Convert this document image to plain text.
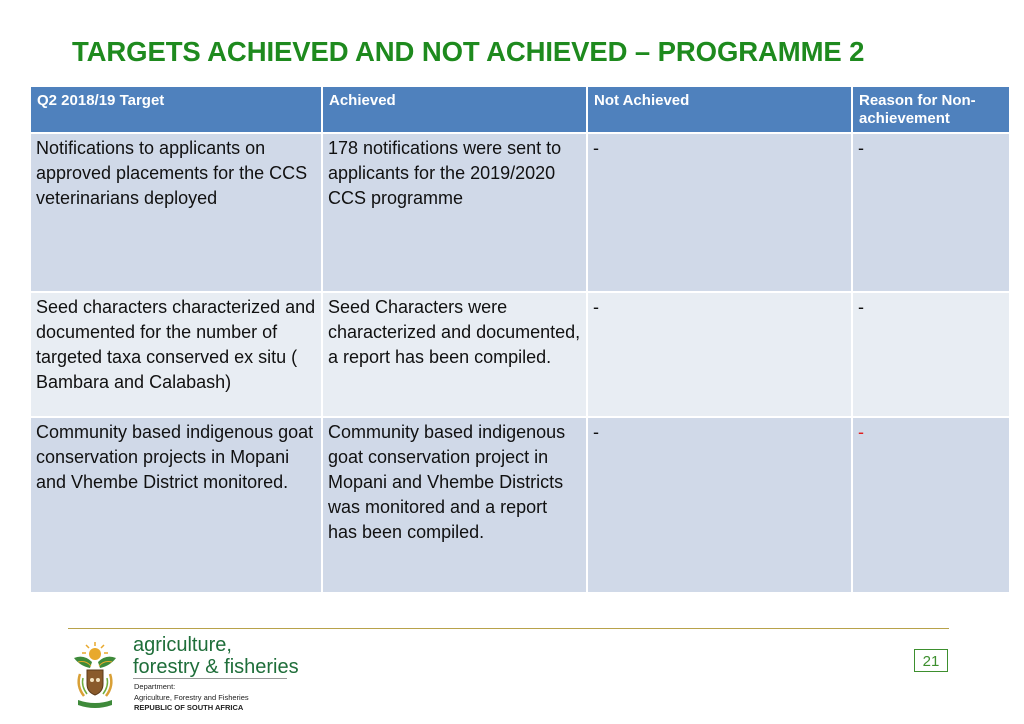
TARGETS ACHIEVED AND NOT ACHIEVED – PROGRAMME 2
Q2 2018/19 Target	Achieved	Not Achieved	Reason for Non-achievement
Notifications to applicants on approved placements for the CCS veterinarians deployed	178 notifications were sent to applicants for the 2019/2020 CCS programme	-	-
Seed characters characterized and documented for the number of targeted taxa conserved ex situ ( Bambara and Calabash)	Seed Characters were characterized and documented, a report has been compiled.	-	-
Community based indigenous goat conservation projects in Mopani and Vhembe District monitored.	Community based indigenous goat conservation project in Mopani and Vhembe Districts was monitored and a report has been compiled.	-	-
agriculture,
forestry & fisheries
Department:
Agriculture, Forestry and Fisheries
REPUBLIC OF SOUTH AFRICA
21
